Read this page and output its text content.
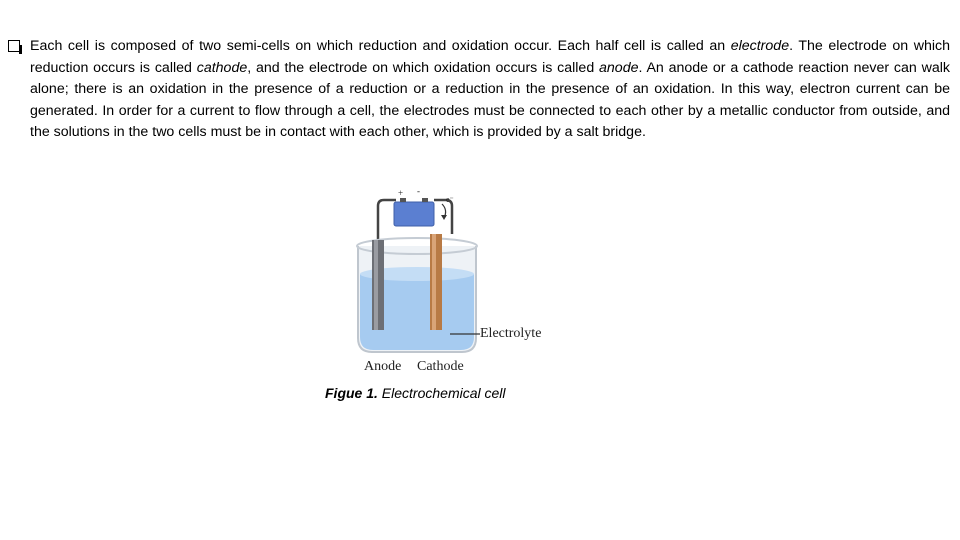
Each cell is composed of two semi-cells on which reduction and oxidation occur. Each half cell is called an electrode. The electrode on which reduction occurs is called cathode, and the electrode on which oxidation occurs is called anode. An anode or a cathode reaction never can walk alone; there is an oxidation in the presence of a reduction or a reduction in the presence of an oxidation. In this way, electron current can be generated. In order for a current to flow through a cell, the electrodes must be connected to each other by a metallic conductor from outside, and the solutions in the two cells must be in contact with each other, which is provided by a salt bridge.
+ -
e⁻
Electrolyte
Anode Cathode
Figue 1. Electrochemical cell
